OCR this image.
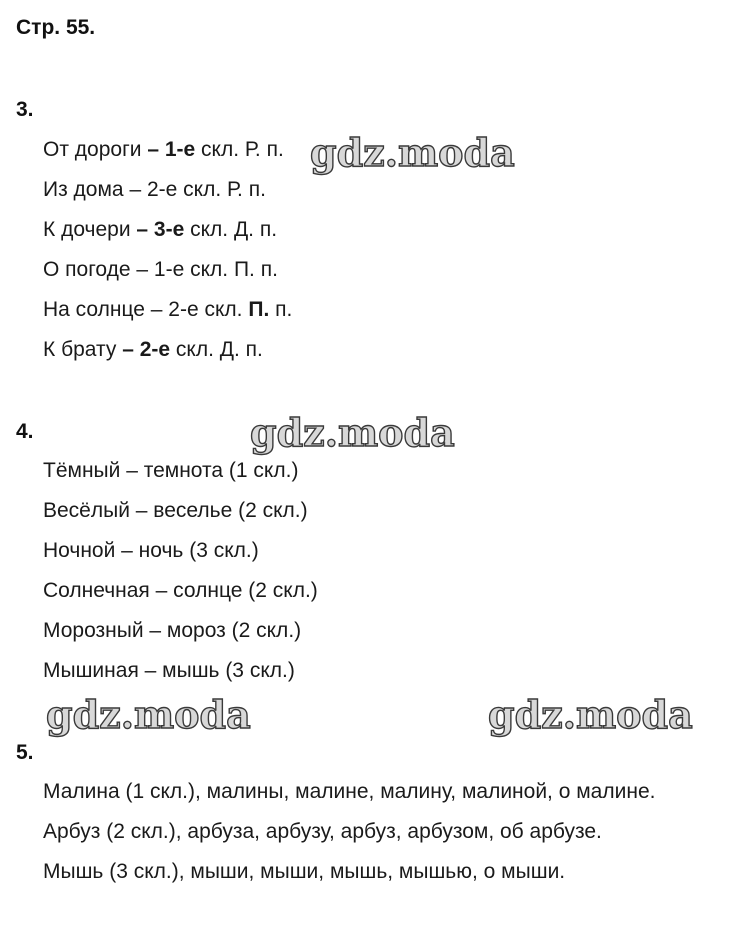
Стр. 55.
3.
От дороги – 1-е скл. Р. п.
Из дома – 2-е скл. Р. п.
К дочери – 3-е скл. Д. п.
О погоде – 1-е скл. П. п.
На солнце – 2-е скл. П. п.
К брату – 2-е скл. Д. п.
4.
Тёмный – темнота (1 скл.)
Весёлый – веселье (2 скл.)
Ночной – ночь (3 скл.)
Солнечная – солнце (2 скл.)
Морозный – мороз (2 скл.)
Мышиная – мышь (3 скл.)
5.
Малина (1 скл.), малины, малине, малину, малиной, о малине.
Арбуз (2 скл.), арбуза, арбузу, арбуз, арбузом, об арбузе.
Мышь (3 скл.), мыши, мыши, мышь, мышью, о мыши.
gdz.moda
gdz.moda
gdz.moda	gdz.moda
